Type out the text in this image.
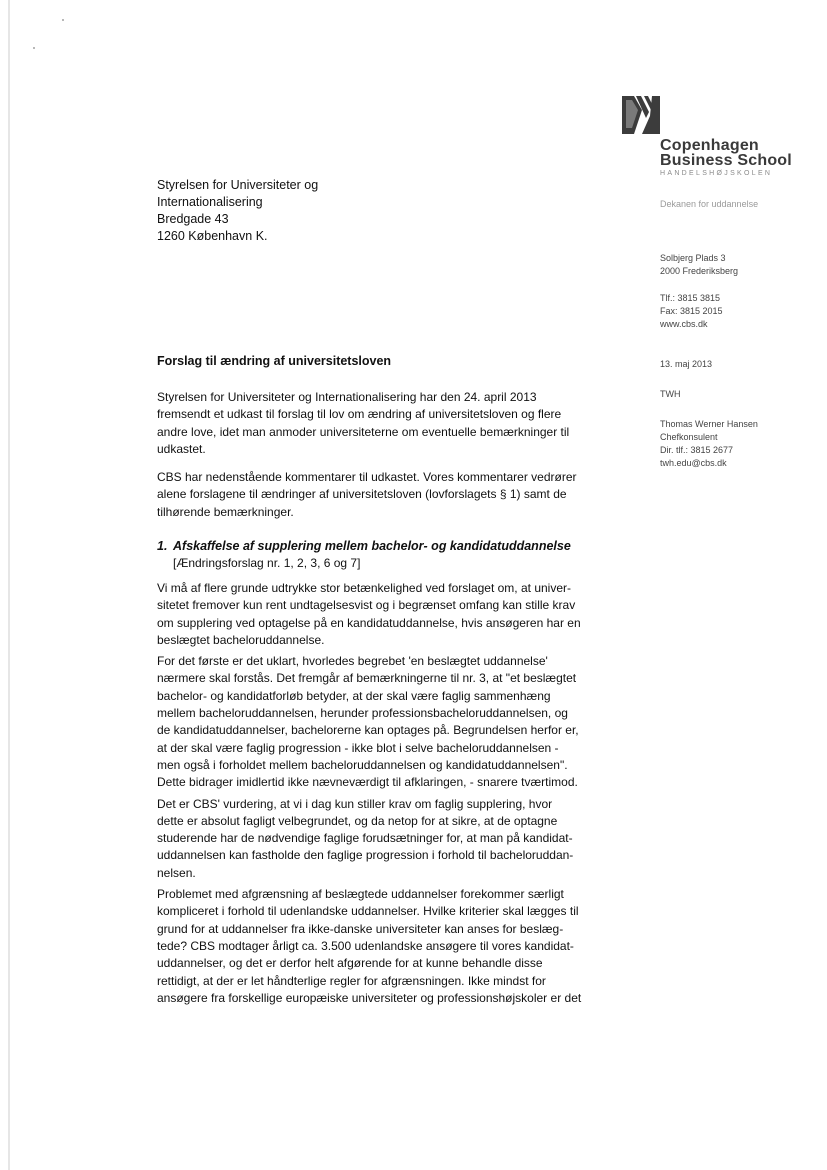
Copenhagen
Business School
HANDELSHØJSKOLEN
Dekanen for uddannelse
Solbjerg Plads 3
2000 Frederiksberg
Tlf.: 3815 3815
Fax: 3815 2015
www.cbs.dk
13. maj 2013
TWH
Thomas Werner Hansen
Chefkonsulent
Dir. tlf.: 3815 2677
twh.edu@cbs.dk
Styrelsen for Universiteter og
Internationalisering
Bredgade 43
1260 København K.
Forslag til ændring af universitetsloven

Styrelsen for Universiteter og Internationalisering har den 24. april 2013
fremsendt et udkast til forslag til lov om ændring af universitetsloven og flere
andre love, idet man anmoder universiteterne om eventuelle bemærkninger til
udkastet.

CBS har nedenstående kommentarer til udkastet. Vores kommentarer vedrører
alene forslagene til ændringer af universitetsloven (lovforslagets § 1) samt de
tilhørende bemærkninger.

1. Afskaffelse af supplering mellem bachelor- og kandidatuddannelse
[Ændringsforslag nr. 1, 2, 3, 6 og 7]

Vi må af flere grunde udtrykke stor betænkelighed ved forslaget om, at univer-
sitetet fremover kun rent undtagelsesvist og i begrænset omfang kan stille krav
om supplering ved optagelse på en kandidatuddannelse, hvis ansøgeren har en
beslægtet bacheloruddannelse.

For det første er det uklart, hvorledes begrebet 'en beslægtet uddannelse'
nærmere skal forstås. Det fremgår af bemærkningerne til nr. 3, at "et beslægtet
bachelor- og kandidatforløb betyder, at der skal være faglig sammenhæng
mellem bacheloruddannelsen, herunder professionsbacheloruddannelsen, og
de kandidatuddannelser, bachelorerne kan optages på. Begrundelsen herfor er,
at der skal være faglig progression - ikke blot i selve bacheloruddannelsen -
men også i forholdet mellem bacheloruddannelsen og kandidatuddannelsen".
Dette bidrager imidlertid ikke nævneværdigt til afklaringen, - snarere tværtimod.

Det er CBS' vurdering, at vi i dag kun stiller krav om faglig supplering, hvor
dette er absolut fagligt velbegrundet, og da netop for at sikre, at de optagne
studerende har de nødvendige faglige forudsætninger for, at man på kandidat-
uddannelsen kan fastholde den faglige progression i forhold til bacheloruddan-
nelsen.

Problemet med afgrænsning af beslægtede uddannelser forekommer særligt
kompliceret i forhold til udenlandske uddannelser. Hvilke kriterier skal lægges til
grund for at uddannelser fra ikke-danske universiteter kan anses for beslæg-
tede? CBS modtager årligt ca. 3.500 udenlandske ansøgere til vores kandidat-
uddannelser, og det er derfor helt afgørende for at kunne behandle disse
rettidigt, at der er let håndterlige regler for afgrænsningen. Ikke mindst for
ansøgere fra forskellige europæiske universiteter og professionshøjskoler er det
